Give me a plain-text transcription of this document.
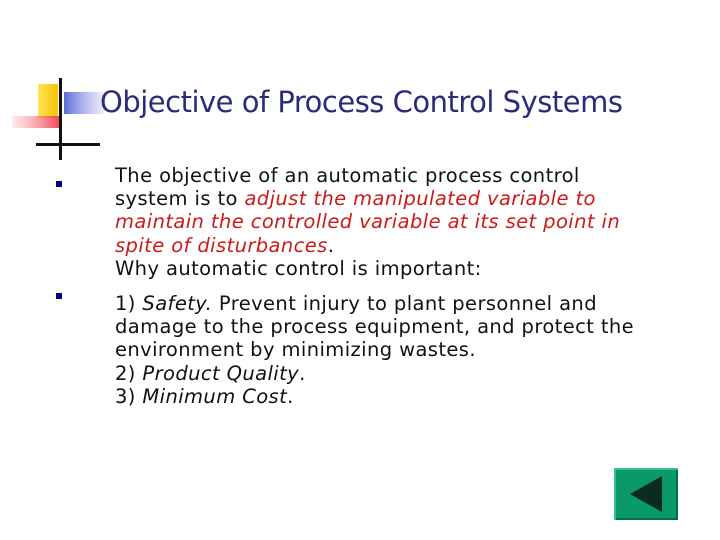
Objective of Process Control Systems
The objective of an automatic process control
system is to adjust the manipulated variable to
maintain the controlled variable at its set point in
spite of disturbances.
Why automatic control is important:
1) Safety. Prevent injury to plant personnel and
damage to the process equipment, and protect the
environment by minimizing wastes.
2) Product Quality.
3) Minimum Cost.
